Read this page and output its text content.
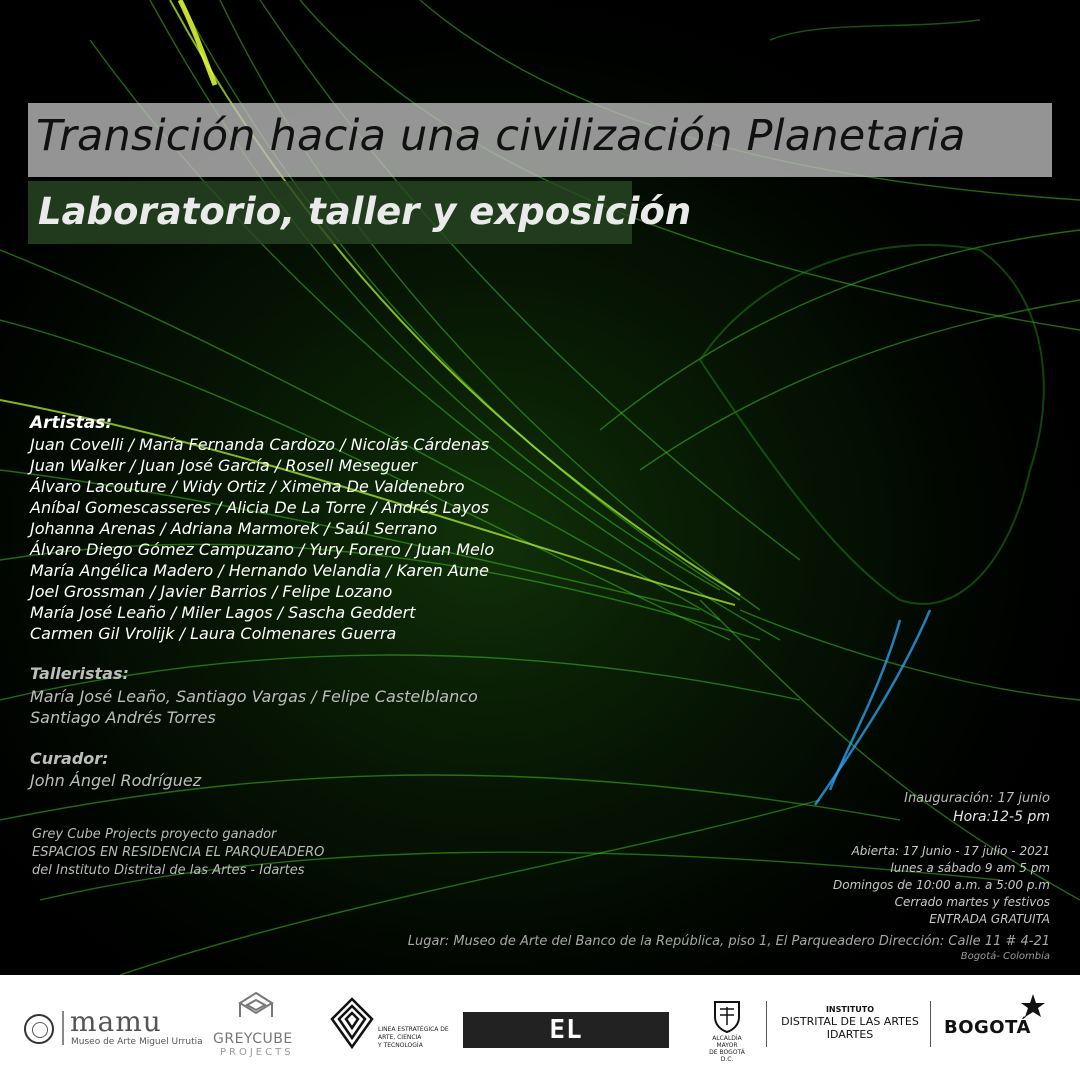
Transición hacia una civilización Planetaria
Laboratorio, taller y exposición
Artistas:
Juan Covelli / María Fernanda Cardozo / Nicolás Cárdenas
Juan Walker / Juan José García / Rosell Meseguer
Álvaro Lacouture / Widy Ortiz / Ximena De Valdenebro
Aníbal Gomescasseres / Alicia De La Torre / Andrés Layos
Johanna Arenas / Adriana Marmorek / Saúl Serrano
Álvaro Diego Gómez Campuzano / Yury Forero / Juan Melo
María Angélica Madero / Hernando Velandia / Karen Aune
Joel Grossman / Javier Barrios / Felipe Lozano
María José Leaño / Miler Lagos / Sascha Geddert
Carmen Gil Vrolijk / Laura Colmenares Guerra
Talleristas:
María José Leaño, Santiago Vargas / Felipe Castelblanco
Santiago Andrés Torres
Curador:
John Ángel Rodríguez
Grey Cube Projects proyecto ganador
ESPACIOS EN RESIDENCIA EL PARQUEADERO
del Instituto Distrital de las Artes - Idartes
Inauguración: 17 junio
Hora:12-5 pm
Abierta: 17 Junio - 17 julio - 2021
lunes a sábado 9 am 5 pm
Domingos de 10:00 a.m. a 5:00 p.m
Cerrado martes y festivos
ENTRADA GRATUITA
Lugar: Museo de Arte del Banco de la República, piso 1, El Parqueadero Dirección: Calle 11 # 4-21
Bogotá- Colombia
mamu
Museo de Arte Miguel Urrutia GREYCUBE
PROJECTS
LINEA ESTRATÉGICA DE
ARTE, CIENCIA
Y TECNOLOGÍA
EL PARQUEADERO
ALCALDÍA MAYOR
DE BOGOTÁ D.C.
INSTITUTO
DISTRITAL DE LAS ARTES
IDARTES	BOGOTÁ
